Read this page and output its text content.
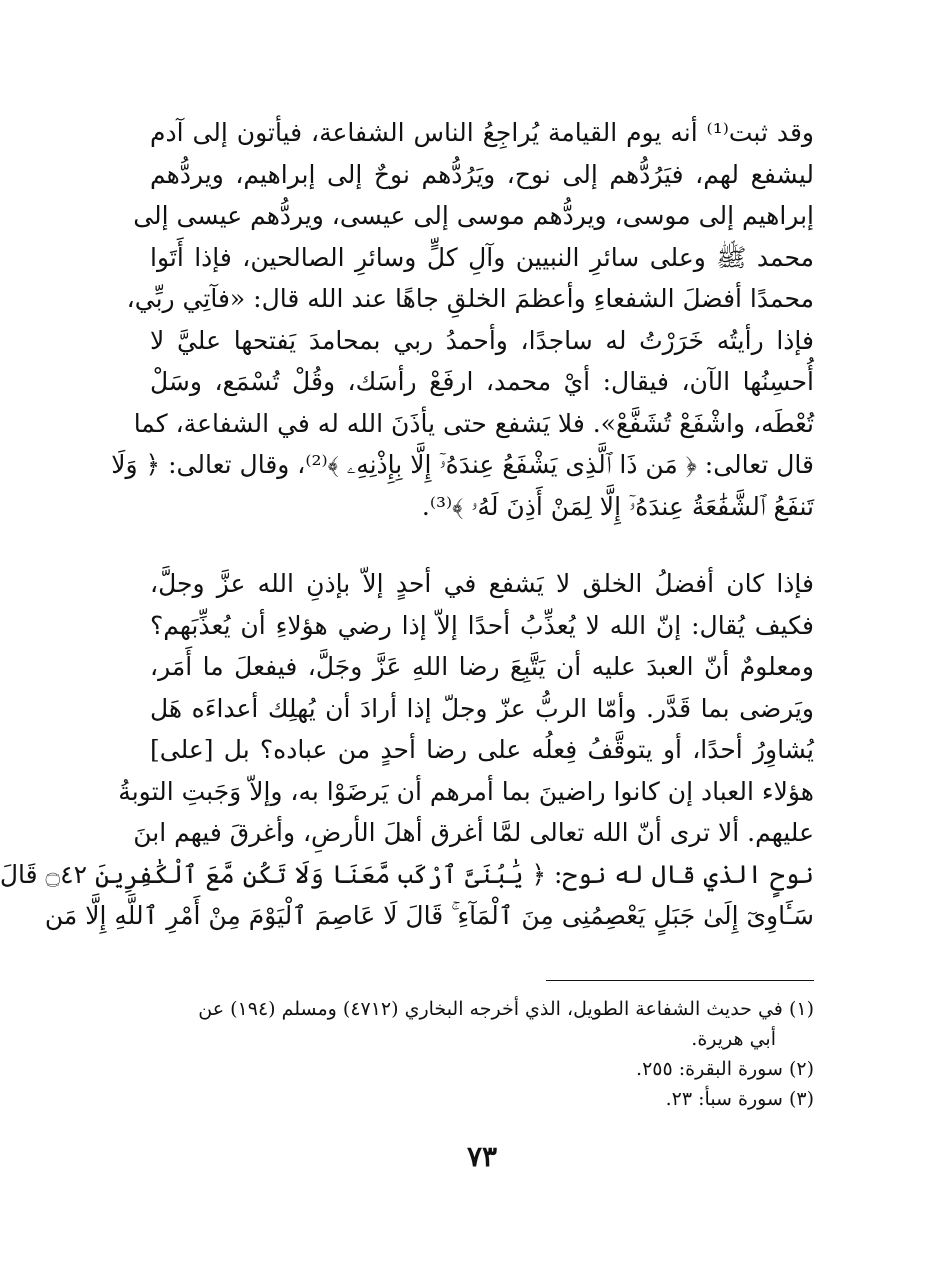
وقد ثبت⁽¹⁾ أنه يوم القيامة يُراجِعُ الناس الشفاعة، فيأتون إلى آدم
ليشفع لهم، فيَرُدُّهم إلى نوح، ويَرُدُّهم نوحٌ إلى إبراهيم، ويردُّهم
إبراهيم إلى موسى، ويردُّهم موسى إلى عيسى، ويردُّهم عيسى إلى
محمد ﷺ وعلى سائرِ النبيين وآلِ كلٍّ وسائرِ الصالحين، فإذا أَتَوا
محمدًا أفضلَ الشفعاءِ وأعظمَ الخلقِ جاهًا عند الله قال: «فآتِي ربِّي،
فإذا رأيتُه خَرَرْتُ له ساجدًا، وأحمدُ ربي بمحامدَ يَفتحها عليَّ لا
أُحسِنُها الآن، فيقال: أيْ محمد، ارفَعْ رأسَك، وقُلْ تُسْمَع، وسَلْ
تُعْطَه، واشْفَعْ تُشَفَّعْ». فلا يَشفع حتى يأذَنَ الله له في الشفاعة، كما
قال تعالى: ﴿ مَن ذَا ٱلَّذِى يَشْفَعُ عِندَهُۥٓ إِلَّا بِإِذْنِهِۦ ﴾⁽²⁾، وقال تعالى: ﴿ وَلَا
تَنفَعُ ٱلشَّفَٰعَةُ عِندَهُۥٓ إِلَّا لِمَنْ أَذِنَ لَهُۥ ﴾⁽³⁾.
فإذا كان أفضلُ الخلق لا يَشفع في أحدٍ إلاّ بإذنِ الله عزَّ وجلَّ،
فكيف يُقال: إنّ الله لا يُعذِّبُ أحدًا إلاّ إذا رضي هؤلاءِ أن يُعذِّبَهم؟
ومعلومٌ أنّ العبدَ عليه أن يَتَّبِعَ رضا اللهِ عَزَّ وجَلَّ، فيفعلَ ما أَمَر،
ويَرضى بما قَدَّر. وأمّا الربُّ عزّ وجلّ إذا أرادَ أن يُهلِك أعداءَه هَل
يُشاوِرُ أحدًا، أو يتوقَّفُ فِعلُه على رضا أحدٍ من عباده؟ بل [على]
هؤلاء العباد إن كانوا راضينَ بما أمرهم أن يَرضَوْا به، وإلاّ وَجَبتِ التوبةُ
عليهم. ألا ترى أنّ الله تعالى لمَّا أغرق أهلَ الأرضِ، وأغرقَ فيهم ابنَ
نوحٍ الذي قال له نوح: ﴿ يَٰبُنَىَّ ٱرْكَب مَّعَنَا وَلَا تَكُن مَّعَ ٱلْكَٰفِرِينَ ۝٤٢ قَالَ
سَـَٔاوِىٓ إِلَىٰ جَبَلٍ يَعْصِمُنِى مِنَ ٱلْمَآءِ ۚ قَالَ لَا عَاصِمَ ٱلْيَوْمَ مِنْ أَمْرِ ٱللَّهِ إِلَّا مَن
(١) في حديث الشفاعة الطويل، الذي أخرجه البخاري (٤٧١٢) ومسلم (١٩٤) عن
أبي هريرة.
(٢) سورة البقرة: ٢٥٥.
(٣) سورة سبأ: ٢٣.
٧٣
